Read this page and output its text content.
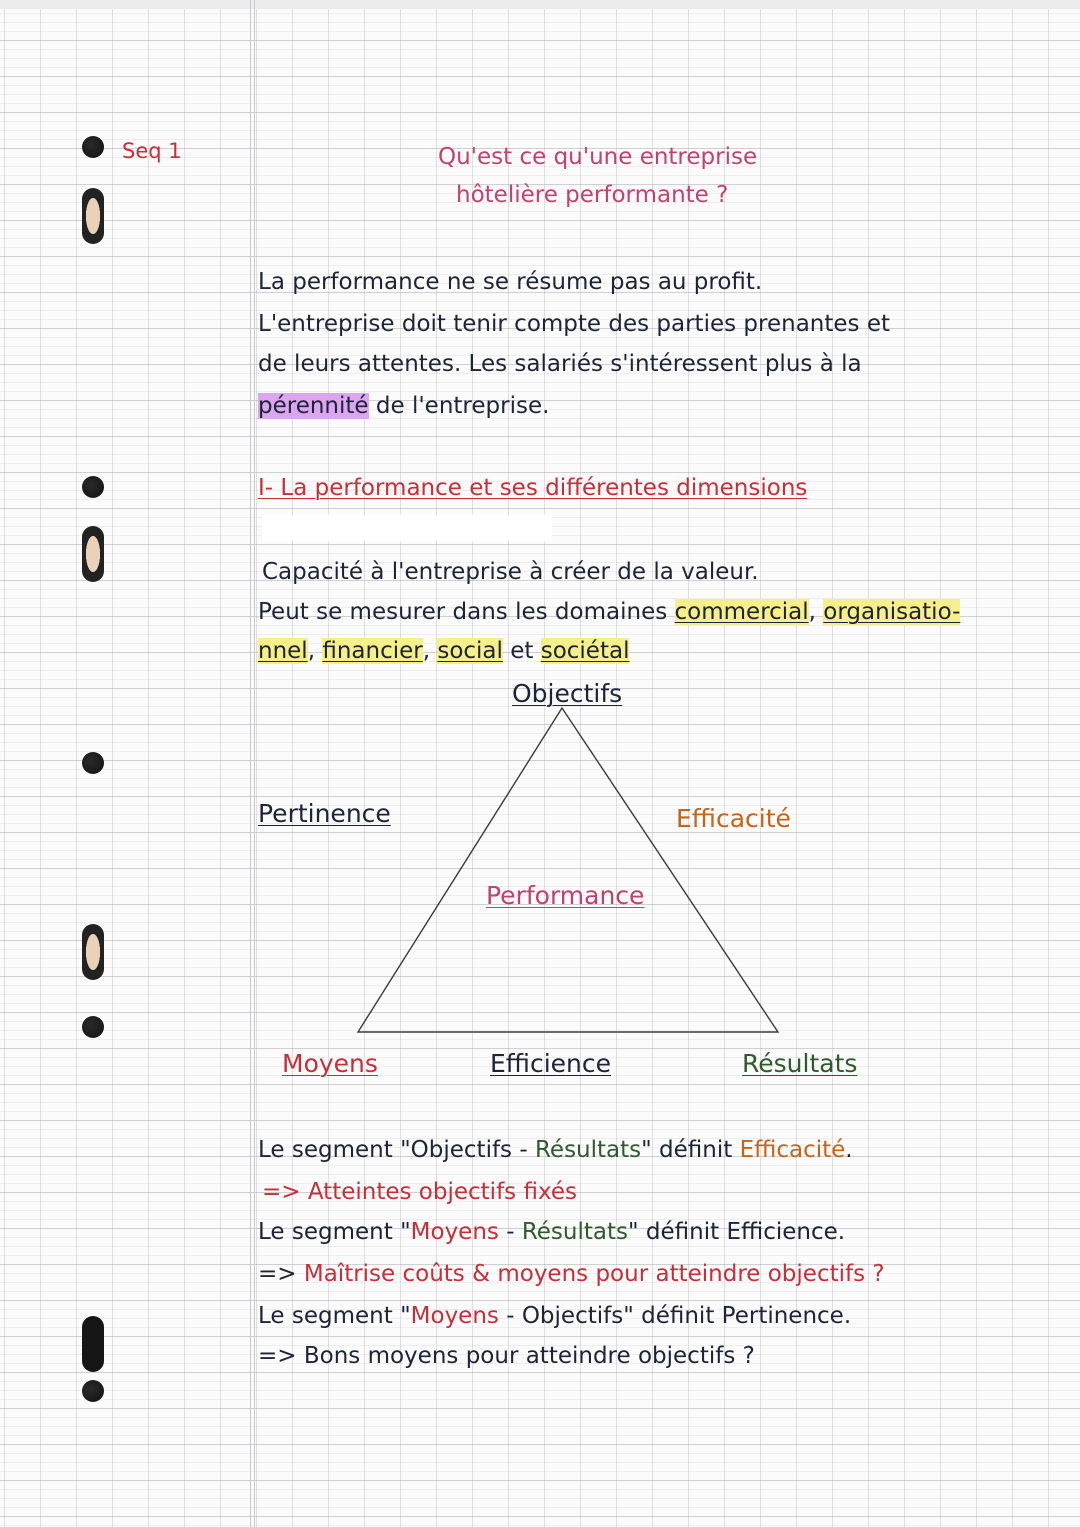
Seq 1	Qu'est ce qu'une entreprise
hôtelière performante ?
La performance ne se résume pas au profit.
L'entreprise doit tenir compte des parties prenantes et
de leurs attentes. Les salariés s'intéressent plus à la
pérennité de l'entreprise.
I- La performance et ses différentes dimensions
Capacité à l'entreprise à créer de la valeur.
Peut se mesurer dans les domaines commercial, organisatio-
nnel, financier, social et sociétal
Objectifs
Pertinence	Efficacité
Performance
Moyens	Efficience	Résultats
Le segment "Objectifs - Résultats" définit Efficacité.
=> Atteintes objectifs fixés
Le segment "Moyens - Résultats" définit Efficience.
=> Maîtrise coûts & moyens pour atteindre objectifs ?
Le segment "Moyens - Objectifs" définit Pertinence.
=> Bons moyens pour atteindre objectifs ?
